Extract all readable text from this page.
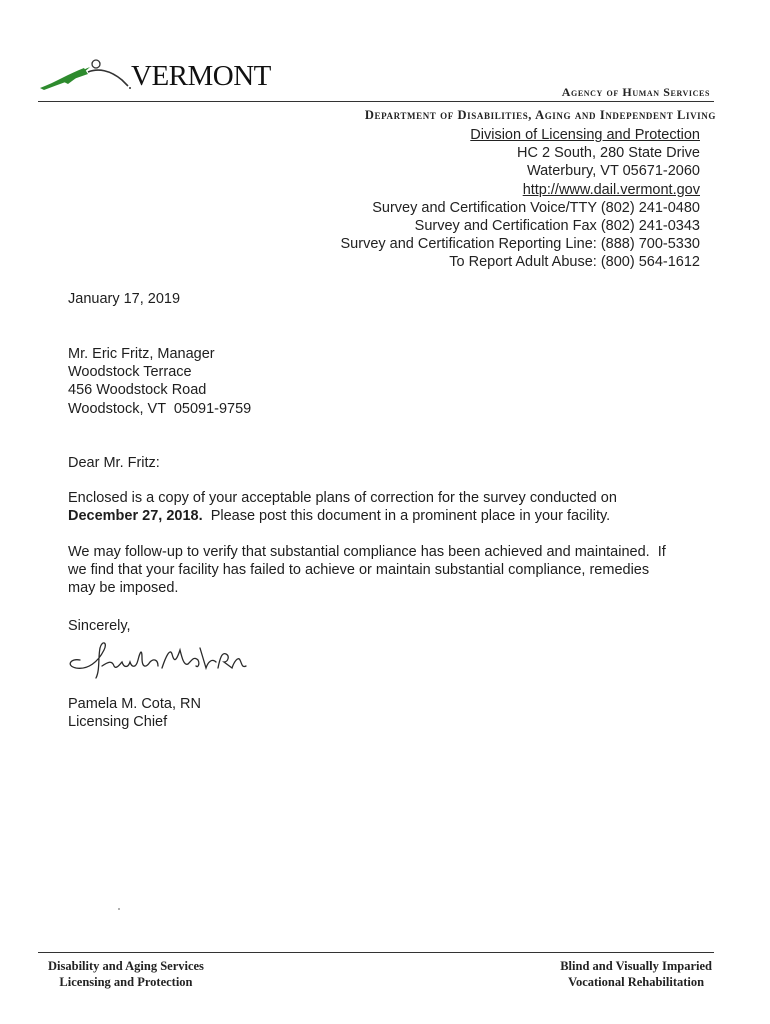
VERMONT	Agency of Human Services
Department of Disabilities, Aging and Independent Living
Division of Licensing and Protection
HC 2 South, 280 State Drive
Waterbury, VT 05671-2060
http://www.dail.vermont.gov
Survey and Certification Voice/TTY (802) 241-0480
Survey and Certification Fax (802) 241-0343
Survey and Certification Reporting Line: (888) 700-5330
To Report Adult Abuse: (800) 564-1612
January 17, 2019
Mr. Eric Fritz, Manager
Woodstock Terrace
456 Woodstock Road
Woodstock, VT  05091-9759
Dear Mr. Fritz:
Enclosed is a copy of your acceptable plans of correction for the survey conducted on
December 27, 2018. Please post this document in a prominent place in your facility.
We may follow-up to verify that substantial compliance has been achieved and maintained.  If
we find that your facility has failed to achieve or maintain substantial compliance, remedies
may be imposed.
Sincerely,
Pamela M. Cota, RN
Licensing Chief
Disability and Aging Services
Licensing and Protection
Blind and Visually Imparied
Vocational Rehabilitation
